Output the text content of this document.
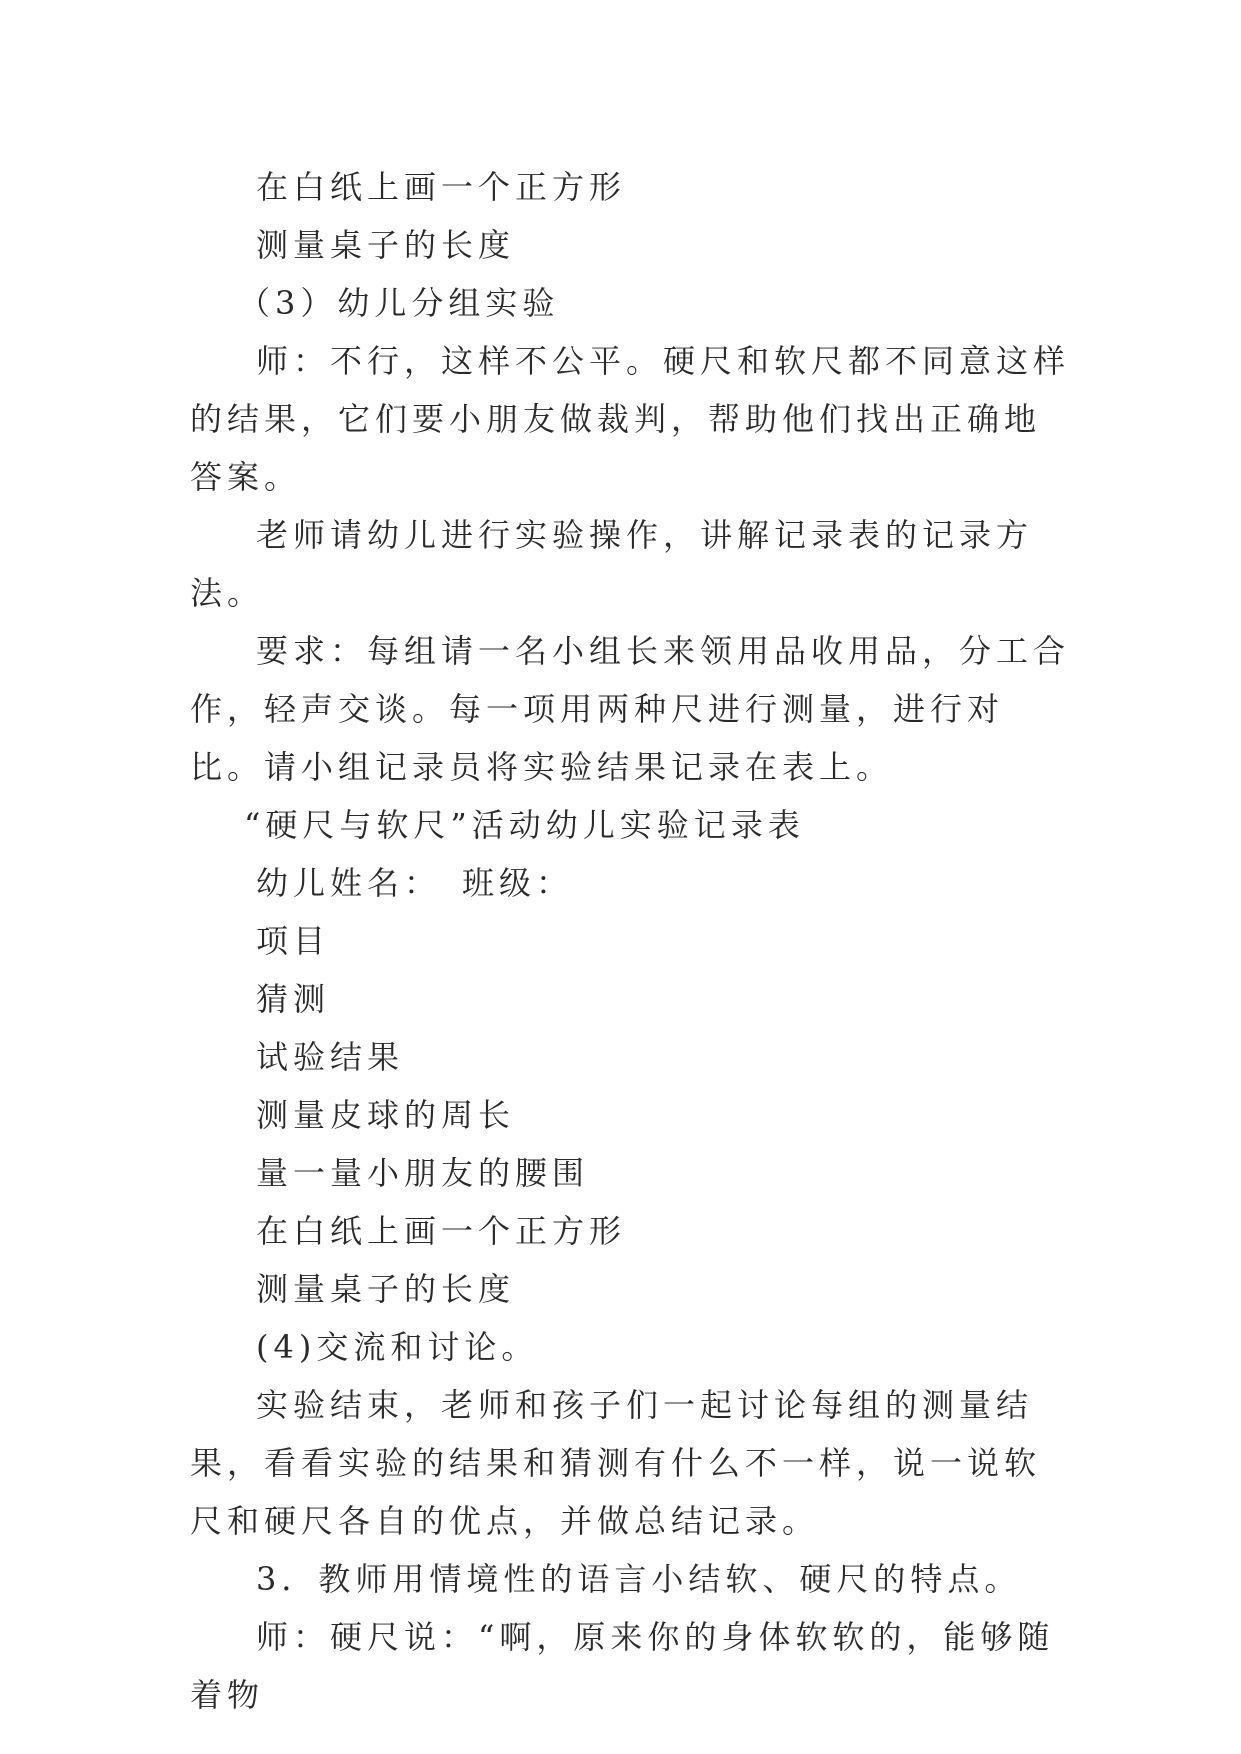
在白纸上画一个正方形

测量桌子的长度

（3）幼儿分组实验

师：不行，这样不公平。硬尺和软尺都不同意这样的结果，它们要小朋友做裁判，帮助他们找出正确地答案。

老师请幼儿进行实验操作，讲解记录表的记录方法。

要求：每组请一名小组长来领用品收用品，分工合作，轻声交谈。每一项用两种尺进行测量，进行对比。请小组记录员将实验结果记录在表上。

“硬尺与软尺”活动幼儿实验记录表

幼儿姓名：　班级：

项目

猜测

试验结果

测量皮球的周长

量一量小朋友的腰围

在白纸上画一个正方形

测量桌子的长度

(4)交流和讨论。

实验结束，老师和孩子们一起讨论每组的测量结果，看看实验的结果和猜测有什么不一样，说一说软尺和硬尺各自的优点，并做总结记录。

3．教师用情境性的语言小结软、硬尺的特点。

师：硬尺说：“啊，原来你的身体软软的，能够随着物
